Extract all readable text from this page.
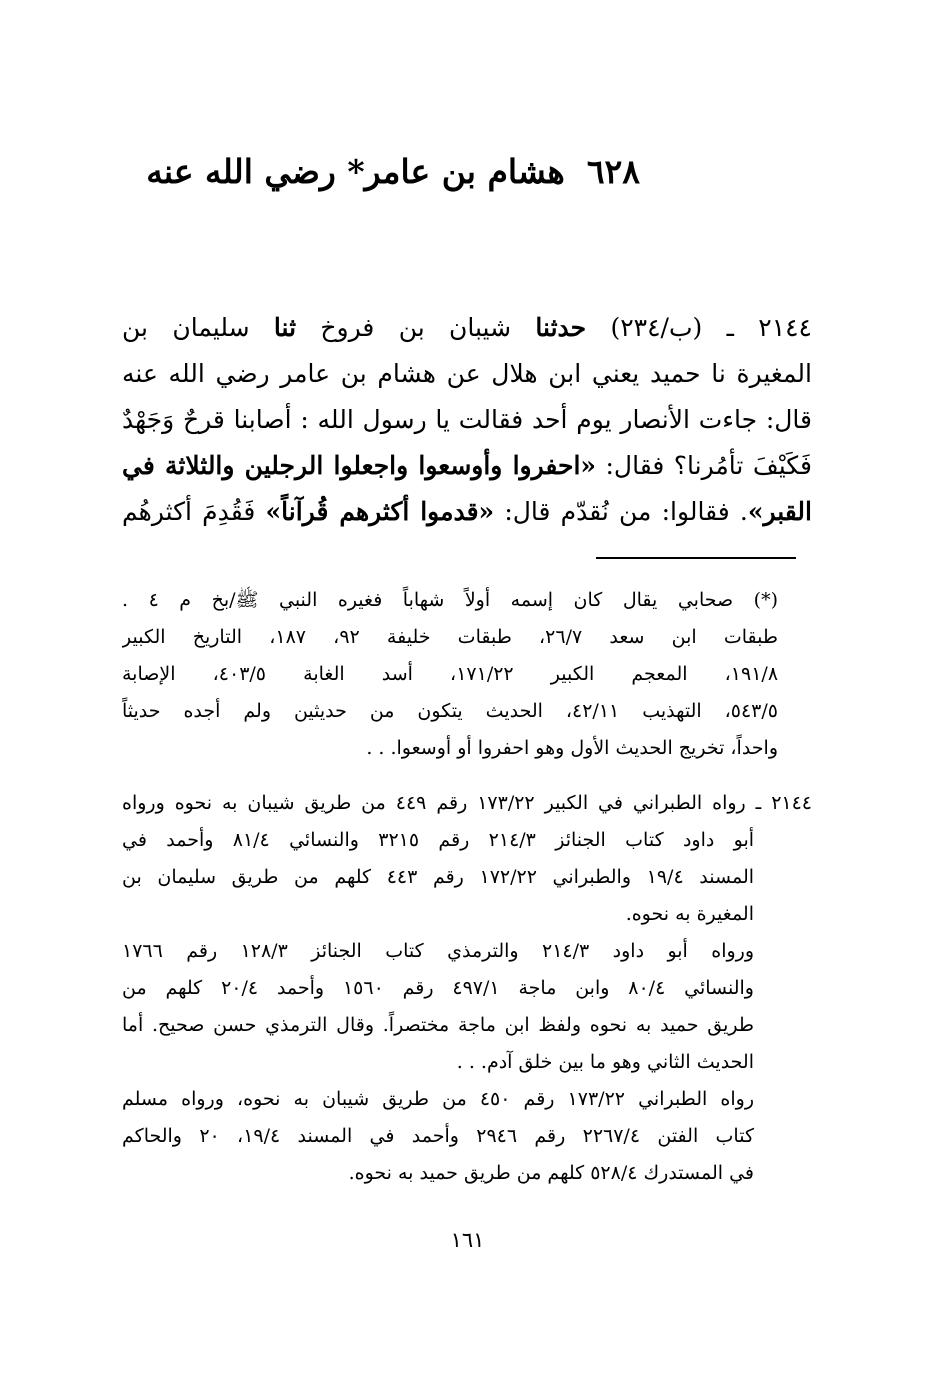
٦٢٨هشام بن عامر* رضي الله عنه
٢١٤٤ ـ (ب/٢٣٤) حدثنا شيبان بن فروخ ثنا سليمان بن
المغيرة نا حميد يعني ابن هلال عن هشام بن عامر رضي الله عنه
قال: جاءت الأنصار يوم أحد فقالت يا رسول الله : أصابنا قرحٌ وَجَهْدٌ
فَكَيْفَ تأمُرنا؟ فقال: «احفروا وأوسعوا واجعلوا الرجلين والثلاثة في
القبر». فقالوا: من نُقدّم قال: «قدموا أكثرهم قُرآناً» فَقُدِمَ أكثرهُم
(*) صحابي يقال كان إسمه أولاً شهاباً فغيره النبي ﷺ/بخ م ٤ .
طبقات ابن سعد ٢٦/٧، طبقات خليفة ٩٢، ١٨٧، التاريخ الكبير
١٩١/٨، المعجم الكبير ١٧١/٢٢، أسد الغابة ٤٠٣/٥، الإصابة
٥٤٣/٥، التهذيب ٤٢/١١، الحديث يتكون من حديثين ولم أجده حديثاً
واحداً، تخريج الحديث الأول وهو احفروا أو أوسعوا. . .
٢١٤٤ ـ رواه الطبراني في الكبير ١٧٣/٢٢ رقم ٤٤٩ من طريق شيبان به نحوه ورواه
أبو داود كتاب الجنائز ٢١٤/٣ رقم ٣٢١٥ والنسائي ٨١/٤ وأحمد في
المسند ١٩/٤ والطبراني ١٧٢/٢٢ رقم ٤٤٣ كلهم من طريق سليمان بن
المغيرة به نحوه.
ورواه أبو داود ٢١٤/٣ والترمذي كتاب الجنائز ١٢٨/٣ رقم ١٧٦٦
والنسائي ٨٠/٤ وابن ماجة ٤٩٧/١ رقم ١٥٦٠ وأحمد ٢٠/٤ كلهم من
طريق حميد به نحوه ولفظ ابن ماجة مختصراً. وقال الترمذي حسن صحيح. أما
الحديث الثاني وهو ما بين خلق آدم. . .
رواه الطبراني ١٧٣/٢٢ رقم ٤٥٠ من طريق شيبان به نحوه، ورواه مسلم
كتاب الفتن ٢٢٦٧/٤ رقم ٢٩٤٦ وأحمد في المسند ١٩/٤، ٢٠ والحاكم
في المستدرك ٥٢٨/٤ كلهم من طريق حميد به نحوه.
١٦١
